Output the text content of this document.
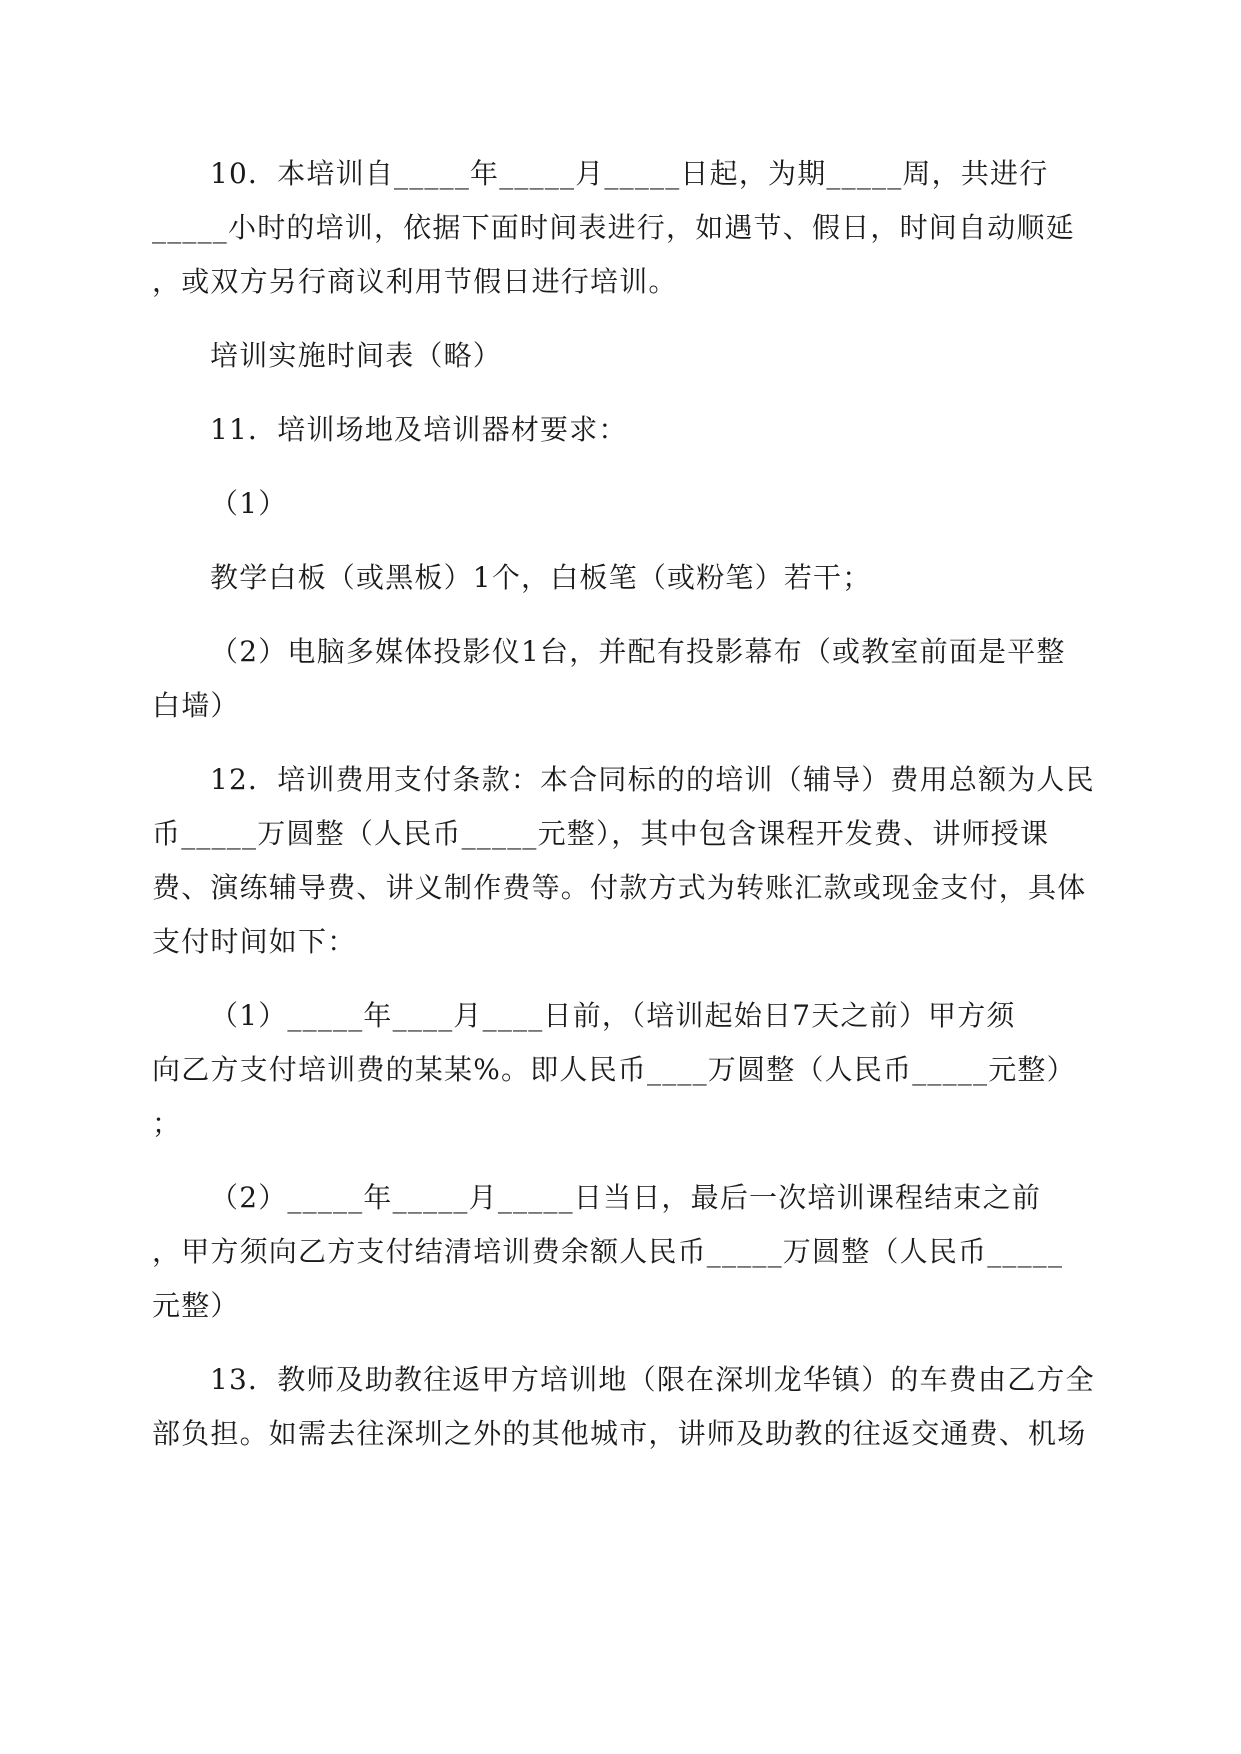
10．本培训自_____年_____月_____日起，为期_____周，共进行
_____小时的培训，依据下面时间表进行，如遇节、假日，时间自动顺延
，或双方另行商议利用节假日进行培训。
培训实施时间表（略）
11．培训场地及培训器材要求：
（1）
教学白板（或黑板）1个，白板笔（或粉笔）若干；
（2）电脑多媒体投影仪1台，并配有投影幕布（或教室前面是平整
白墙）
12．培训费用支付条款：本合同标的的培训（辅导）费用总额为人民
币_____万圆整（人民币_____元整），其中包含课程开发费、讲师授课
费、演练辅导费、讲义制作费等。付款方式为转账汇款或现金支付，具体
支付时间如下：
（1）_____年____月____日前，（培训起始日7天之前）甲方须
向乙方支付培训费的某某%。即人民币____万圆整（人民币_____元整）
；
（2）_____年_____月_____日当日，最后一次培训课程结束之前
，甲方须向乙方支付结清培训费余额人民币_____万圆整（人民币_____
元整）
13．教师及助教往返甲方培训地（限在深圳龙华镇）的车费由乙方全
部负担。如需去往深圳之外的其他城市，讲师及助教的往返交通费、机场
